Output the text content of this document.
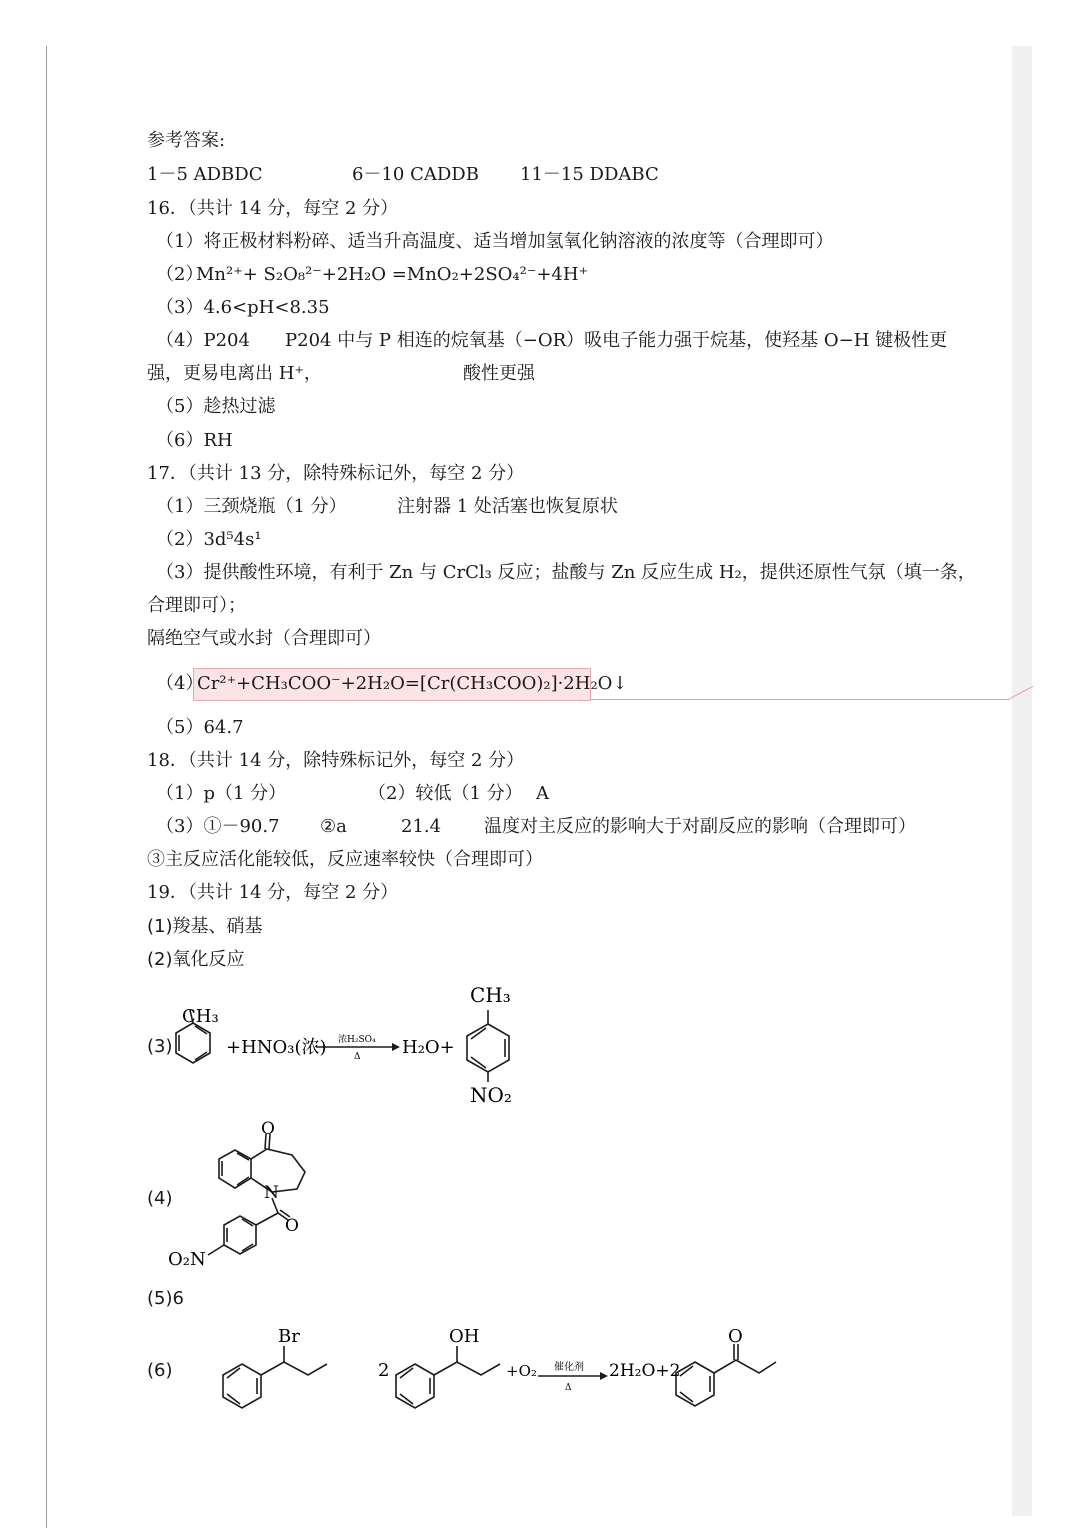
参考答案:
1－5 ADBDC	6－10 CADDB 11－15 DDABC
16．（共计 14 分，每空 2 分）
（1）将正极材料粉碎、适当升高温度、适当增加氢氧化钠溶液的浓度等（合理即可）
（2）
Mn²⁺+ S₂O₈²⁻+2H₂O =MnO₂+2SO₄²⁻+4H⁺
（3）4.6<pH<8.35
（4）P204 P204 中与 P 相连的烷氧基（−OR）吸电子能力强于烷基，使羟基 O−H 键极性更
强，更易电离出 H⁺，	酸性更强
（5）趁热过滤
（6）RH
17．（共计 13 分，除特殊标记外，每空 2 分）
（1）三颈烧瓶（1 分）	注射器 1 处活塞也恢复原状
（2）3d⁵4s¹
（3）提供酸性环境，有利于 Zn 与 CrCl₃ 反应；盐酸与 Zn 反应生成 H₂，提供还原性气氛（填一条，
合理即可）；
隔绝空气或水封（合理即可）
（4）
Cr²⁺+CH₃COO⁻+2H₂O=[Cr(CH₃COO)₂]·2H₂O↓
（5）64.7
18．（共计 14 分，除特殊标记外，每空 2 分）
（1）p（1 分）	（2）较低（1 分） A
（3）①－90.7 ②a	21.4 温度对主反应的影响大于对副反应的影响（合理即可）
③主反应活化能较低，反应速率较快（合理即可）
19．（共计 14 分，每空 2 分）
(1)羧基、硝基
(2)氧化反应
(3)
CH₃
+HNO₃(浓) 浓H₂SO₄
Δ H₂O+
CH₃
NO₂
(4)
O
N
O
O₂N
(5)6
(6)
Br
2
OH
+O₂ 催化剂
Δ
2H₂O+2
O
